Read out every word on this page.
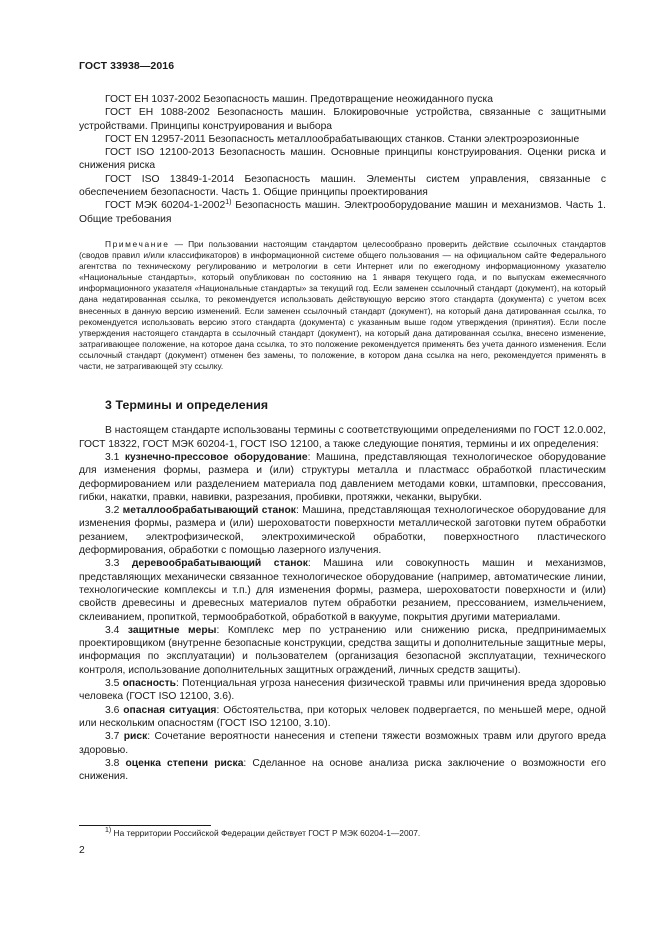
ГОСТ 33938—2016

ГОСТ ЕН 1037-2002 Безопасность машин. Предотвращение неожиданного пуска

ГОСТ ЕН 1088-2002 Безопасность машин. Блокировочные устройства, связанные с защитными устройствами. Принципы конструирования и выбора

ГОСТ EN 12957-2011 Безопасность металлообрабатывающих станков. Станки электроэрозионные

ГОСТ ISO 12100-2013 Безопасность машин. Основные принципы конструирования. Оценки риска и снижения риска

ГОСТ ISO 13849-1-2014 Безопасность машин. Элементы систем управления, связанные с обеспечением безопасности. Часть 1. Общие принципы проектирования

ГОСТ МЭК 60204-1-2002$^{1)}$ Безопасность машин. Электрооборудование машин и механизмов. Часть 1. Общие требования

Примечание — При пользовании настоящим стандартом целесообразно проверить действие ссылочных стандартов (сводов правил и/или классификаторов) в информационной системе общего пользования — на официальном сайте Федерального агентства по техническому регулированию и метрологии в сети Интернет или по ежегодному информационному указателю «Национальные стандарты», который опубликован по состоянию на 1 января текущего года, и по выпускам ежемесячного информационного указателя «Национальные стандарты» за текущий год. Если заменен ссылочный стандарт (документ), на который дана недатированная ссылка, то рекомендуется использовать действующую версию этого стандарта (документа) с учетом всех внесенных в данную версию изменений. Если заменен ссылочный стандарт (документ), на который дана датированная ссылка, то рекомендуется использовать версию этого стандарта (документа) с указанным выше годом утверждения (принятия). Если после утверждения настоящего стандарта в ссылочный стандарт (документ), на который дана датированная ссылка, внесено изменение, затрагивающее положение, на которое дана ссылка, то это положение рекомендуется применять без учета данного изменения. Если ссылочный стандарт (документ) отменен без замены, то положение, в котором дана ссылка на него, рекомендуется применять в части, не затрагивающей эту ссылку.

3 Термины и определения

В настоящем стандарте использованы термины с соответствующими определениями по ГОСТ 12.0.002, ГОСТ 18322, ГОСТ МЭК 60204-1, ГОСТ ISO 12100, а также следующие понятия, термины и их определения:

3.1 кузнечно-прессовое оборудование: Машина, представляющая технологическое оборудование для изменения формы, размера и (или) структуры металла и пластмасс обработкой пластическим деформированием или разделением материала под давлением методами ковки, штамповки, прессования, гибки, накатки, правки, навивки, разрезания, пробивки, протяжки, чеканки, вырубки.

3.2 металлообрабатывающий станок: Машина, представляющая технологическое оборудование для изменения формы, размера и (или) шероховатости поверхности металлической заготовки путем обработки резанием, электрофизической, электрохимической обработки, поверхностного пластического деформирования, обработки с помощью лазерного излучения.

3.3 деревообрабатывающий станок: Машина или совокупность машин и механизмов, представляющих механически связанное технологическое оборудование (например, автоматические линии, технологические комплексы и т.п.) для изменения формы, размера, шероховатости поверхности и (или) свойств древесины и древесных материалов путем обработки резанием, прессованием, измельчением, склеиванием, пропиткой, термообработкой, обработкой в вакууме, покрытия другими материалами.

3.4 защитные меры: Комплекс мер по устранению или снижению риска, предпринимаемых проектировщиком (внутренне безопасные конструкции, средства защиты и дополнительные защитные меры, информация по эксплуатации) и пользователем (организация безопасной эксплуатации, технического контроля, использование дополнительных защитных ограждений, личных средств защиты).

3.5 опасность: Потенциальная угроза нанесения физической травмы или причинения вреда здоровью человека (ГОСТ ISO 12100, 3.6).

3.6 опасная ситуация: Обстоятельства, при которых человек подвергается, по меньшей мере, одной или нескольким опасностям (ГОСТ ISO 12100, 3.10).

3.7 риск: Сочетание вероятности нанесения и степени тяжести возможных травм или другого вреда здоровью.

3.8 оценка степени риска: Сделанное на основе анализа риска заключение о возможности его снижения.

$^{1)}$ На территории Российской Федерации действует ГОСТ Р МЭК 60204-1—2007.
2
